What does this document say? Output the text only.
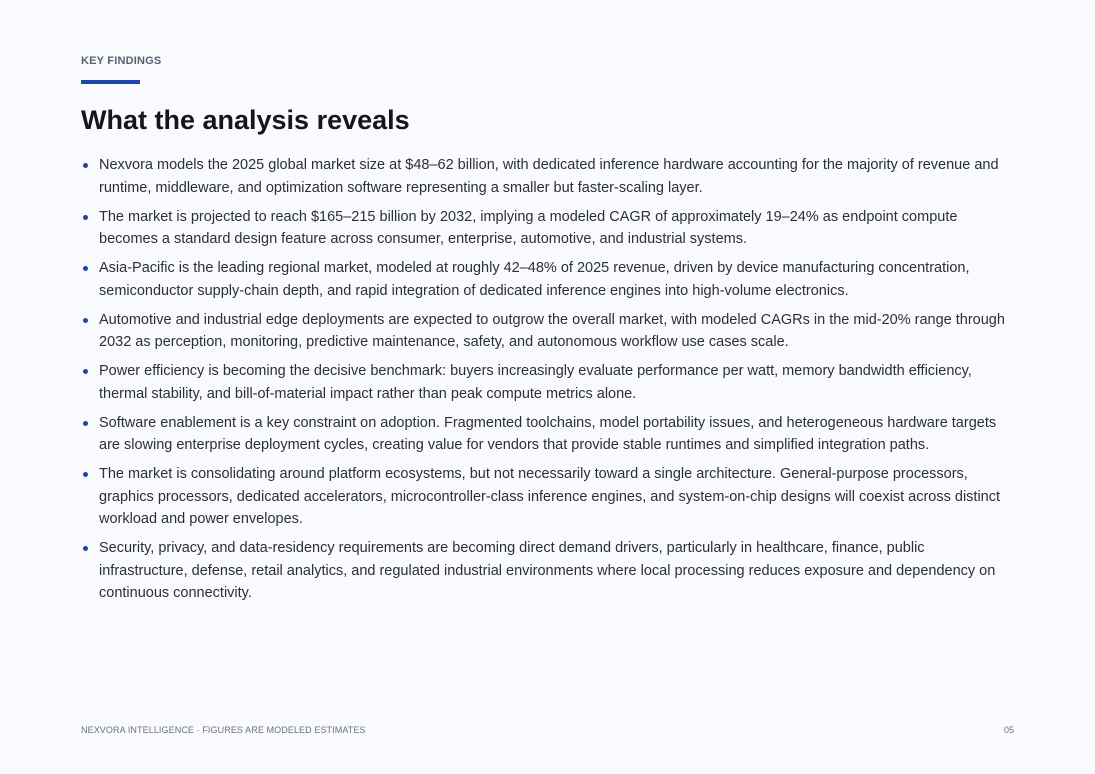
KEY FINDINGS
What the analysis reveals
Nexvora models the 2025 global market size at $48–62 billion, with dedicated inference hardware accounting for the majority of revenue and runtime, middleware, and optimization software representing a smaller but faster-scaling layer.
The market is projected to reach $165–215 billion by 2032, implying a modeled CAGR of approximately 19–24% as endpoint compute becomes a standard design feature across consumer, enterprise, automotive, and industrial systems.
Asia-Pacific is the leading regional market, modeled at roughly 42–48% of 2025 revenue, driven by device manufacturing concentration, semiconductor supply-chain depth, and rapid integration of dedicated inference engines into high-volume electronics.
Automotive and industrial edge deployments are expected to outgrow the overall market, with modeled CAGRs in the mid-20% range through 2032 as perception, monitoring, predictive maintenance, safety, and autonomous workflow use cases scale.
Power efficiency is becoming the decisive benchmark: buyers increasingly evaluate performance per watt, memory bandwidth efficiency, thermal stability, and bill-of-material impact rather than peak compute metrics alone.
Software enablement is a key constraint on adoption. Fragmented toolchains, model portability issues, and heterogeneous hardware targets are slowing enterprise deployment cycles, creating value for vendors that provide stable runtimes and simplified integration paths.
The market is consolidating around platform ecosystems, but not necessarily toward a single architecture. General-purpose processors, graphics processors, dedicated accelerators, microcontroller-class inference engines, and system-on-chip designs will coexist across distinct workload and power envelopes.
Security, privacy, and data-residency requirements are becoming direct demand drivers, particularly in healthcare, finance, public infrastructure, defense, retail analytics, and regulated industrial environments where local processing reduces exposure and dependency on continuous connectivity.
NEXVORA INTELLIGENCE · FIGURES ARE MODELED ESTIMATES	05
